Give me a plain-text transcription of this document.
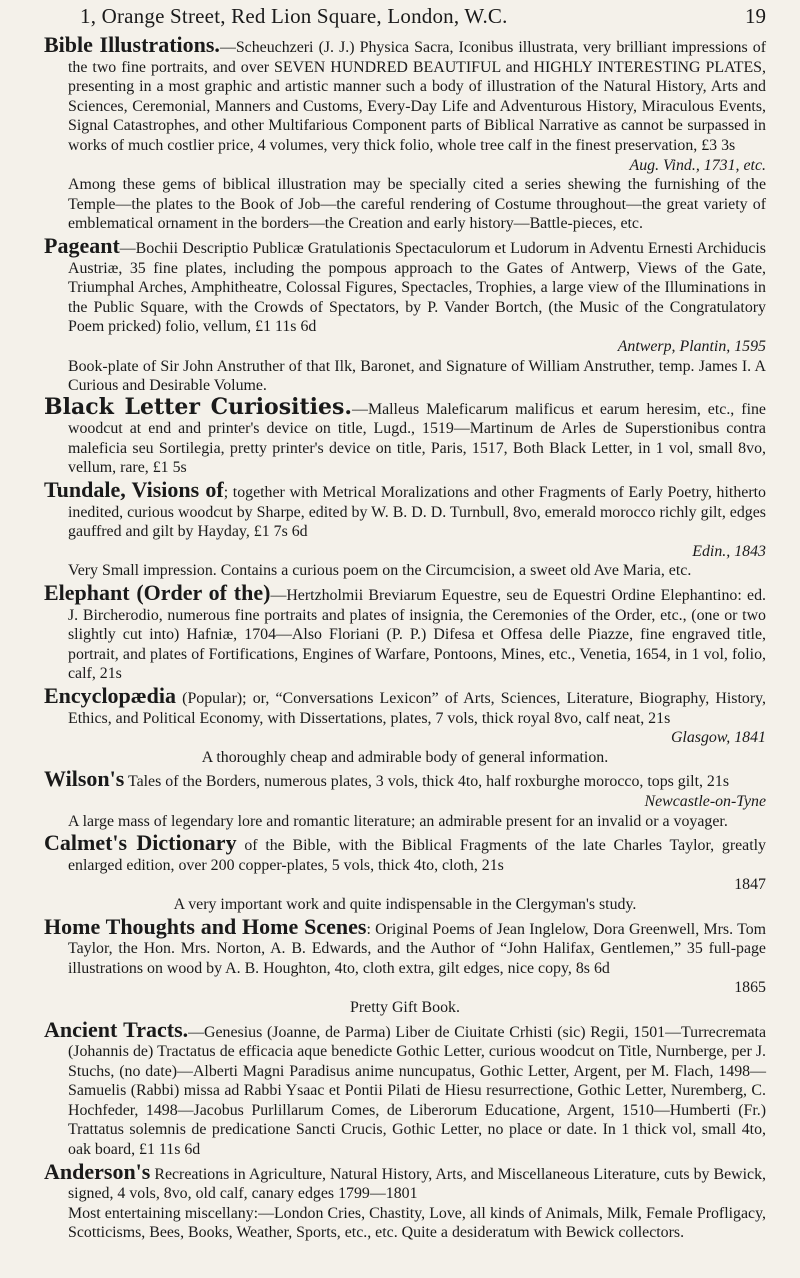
1, Orange Street, Red Lion Square, London, W.C.	19

Bible Illustrations.—Schеuchzeri (J. J.) Physica Sacra, Iconibus illustrata, very brilliant impressions of the two fine portraits, and over SEVEN HUNDRED BEAUTIFUL and HIGHLY INTERESTING PLATES, presenting in a most graphic and artistic manner such a body of illustration of the Natural History, Arts and Sciences, Ceremonial, Manners and Customs, Every-Day Life and Adventurous History, Miraculous Events, Signal Catastrophes, and other Multifarious Component parts of Biblical Narrative as cannot be surpassed in works of much costlier price, 4 volumes, very thick folio, whole tree calf in the finest preservation, £3 3s

Aug. Vind., 1731, etc.

Among these gems of biblical illustration may be specially cited a series shewing the furnishing of the Temple—the plates to the Book of Job—the careful rendering of Costume throughout—the great variety of emblematical ornament in the borders—the Creation and early history—Battle-pieces, etc.

Pageant—Bochii Descriptio Publicæ Gratulationis Spectaculorum et Ludorum in Adventu Ernesti Archiducis Austriæ, 35 fine plates, including the pompous approach to the Gates of Antwerp, Views of the Gate, Triumphal Arches, Amphitheatre, Colossal Figures, Spectacles, Trophies, a large view of the Illuminations in the Public Square, with the Crowds of Spectators, by P. Vander Bortch, (the Music of the Congratulatory Poem pricked) folio, vellum, £1 11s 6d

Antwerp, Plantin, 1595

Book-plate of Sir John Anstruther of that Ilk, Baronet, and Signature of William Anstruther, temp. James I. A Curious and Desirable Volume.

Black Letter Curiosities.—Malleus Maleficarum malificus et earum heresim, etc., fine woodcut at end and printer's device on title, Lugd., 1519—Martinum de Arles de Superstionibus contra maleficia seu Sortilegia, pretty printer's device on title, Paris, 1517, Both Black Letter, in 1 vol, small 8vo, vellum, rare, £1 5s

Tundale, Visions of; together with Metrical Moralizations and other Fragments of Early Poetry, hitherto inedited, curious woodcut by Sharpe, edited by W. B. D. D. Turnbull, 8vo, emerald morocco richly gilt, edges gauffred and gilt by Hayday, £1 7s 6d

Edin., 1843

Very Small impression. Contains a curious poem on the Circumcision, a sweet old Ave Maria, etc.

Elephant (Order of the)—Hertzholmii Breviarum Equestre, seu de Equestri Ordine Elephantino: ed. J. Bircherodio, numerous fine portraits and plates of insignia, the Ceremonies of the Order, etc., (one or two slightly cut into) Hafniæ, 1704—Also Floriani (P. P.) Difesa et Offesa delle Piazze, fine engraved title, portrait, and plates of Fortifications, Engines of Warfare, Pontoons, Mines, etc., Venetia, 1654, in 1 vol, folio, calf, 21s

Encyclopædia (Popular); or, “Conversations Lexicon” of Arts, Sciences, Literature, Biography, History, Ethics, and Political Economy, with Dissertations, plates, 7 vols, thick royal 8vo, calf neat, 21s

Glasgow, 1841

A thoroughly cheap and admirable body of general information.

Wilson's Tales of the Borders, numerous plates, 3 vols, thick 4to, half roxburghe morocco, tops gilt, 21s

Newcastle-on-Tyne

A large mass of legendary lore and romantic literature; an admirable present for an invalid or a voyager.

Calmet's Dictionary of the Bible, with the Biblical Fragments of the late Charles Taylor, greatly enlarged edition, over 200 copper-plates, 5 vols, thick 4to, cloth, 21s

1847

A very important work and quite indispensable in the Clergyman's study.

Home Thoughts and Home Scenes: Original Poems of Jean Inglelow, Dora Greenwell, Mrs. Tom Taylor, the Hon. Mrs. Norton, A. B. Edwards, and the Author of “John Halifax, Gentlemen,” 35 full-page illustrations on wood by A. B. Houghton, 4to, cloth extra, gilt edges, nice copy, 8s 6d

1865

Pretty Gift Book.

Ancient Tracts.—Genesius (Joanne, de Parma) Liber de Ciuitate Crhisti (sic) Regii, 1501—Turrecremata (Johannis de) Tractatus de efficacia aque benedicte Gothic Letter, curious woodcut on Title, Nurnberge, per J. Stuchs, (no date)—Alberti Magni Paradisus anime nuncupatus, Gothic Letter, Argent, per M. Flach, 1498—Samuelis (Rabbi) missa ad Rabbi Ysaac et Pontii Pilati de Hiesu resurrectione, Gothic Letter, Nuremberg, C. Hochfeder, 1498—Jacobus Purlillarum Comes, de Liberorum Educatione, Argent, 1510—Humberti (Fr.) Trattatus solemnis de predicatione Sancti Crucis, Gothic Letter, no place or date. In 1 thick vol, small 4to, oak board, £1 11s 6d

Anderson's Recreations in Agriculture, Natural History, Arts, and Miscellaneous Literature, cuts by Bewick, signed, 4 vols, 8vo, old calf, canary edges 1799—1801

Most entertaining miscellany:—London Cries, Chastity, Love, all kinds of Animals, Milk, Female Profligacy, Scotticisms, Bees, Books, Weather, Sports, etc., etc. Quite a desideratum with Bewick collectors.
